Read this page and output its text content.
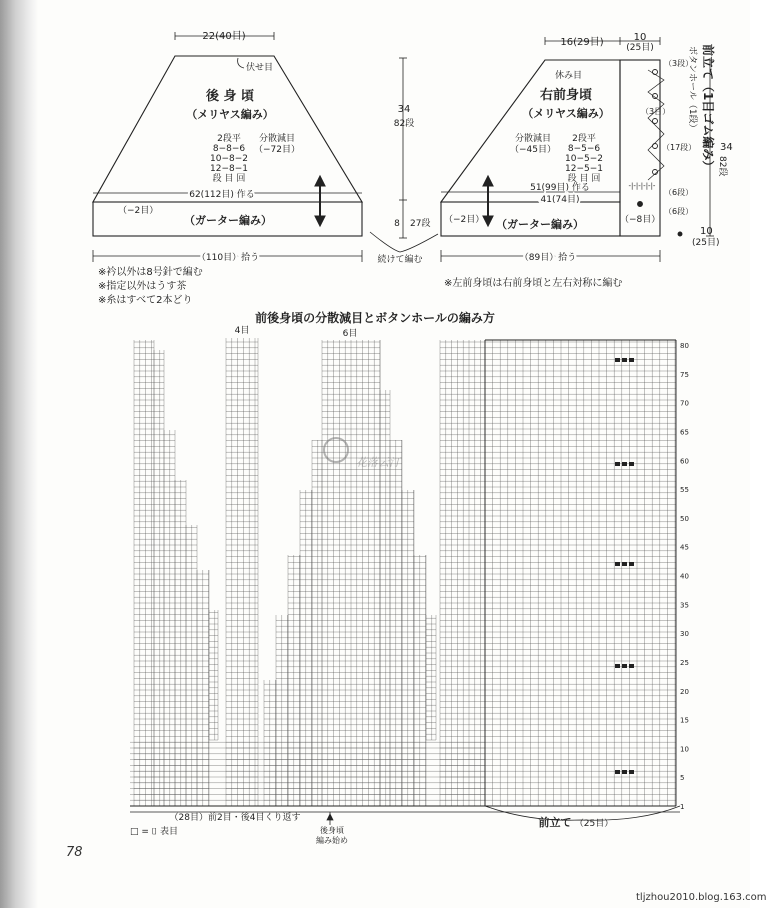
22(40目)
伏せ目
後 身 頃
（メリヤス編み）
2段平
8−8−6
10−8−2
12−8−1
段 目 回
分散減目
（−72目）
62(112目) 作る
（−2目）
（ガーター編み）
（110目）拾う
34
82段
8 27段
続けて編む
16(29目)	10
(25目)
休み目
右前身頃
（メリヤス編み）
分散減目
（−45目）
2段平
8−5−6
10−5−2
12−5−1
段 目 回
51(99目) 作る	-|-|-|-|-|-
41(74目)
（−2目）	（−8目）
（ガーター編み）
（89目）拾う
（3段）
（3目）
（17段）
（6段）
（6段）
前立て（1目ゴム編み）
ボタンホール（1段）
34
82段
10
(25目)
前後身頃の分散減目とボタンホールの編み方
4目	6目
80
75
70
65
60
55
50
45
40
35
30
25
20
15
10
5
1
（28目）前2目・後4目くり返す
後身頃
編み始め
前立て （25目）
□ = ⌷ 表目
花落云汀
※衿以外は8号針で編む
※指定以外はうす茶
※糸はすべて2本どり
※左前身頃は右前身頃と左右対称に編む
78
tljzhou2010.blog.163.com
